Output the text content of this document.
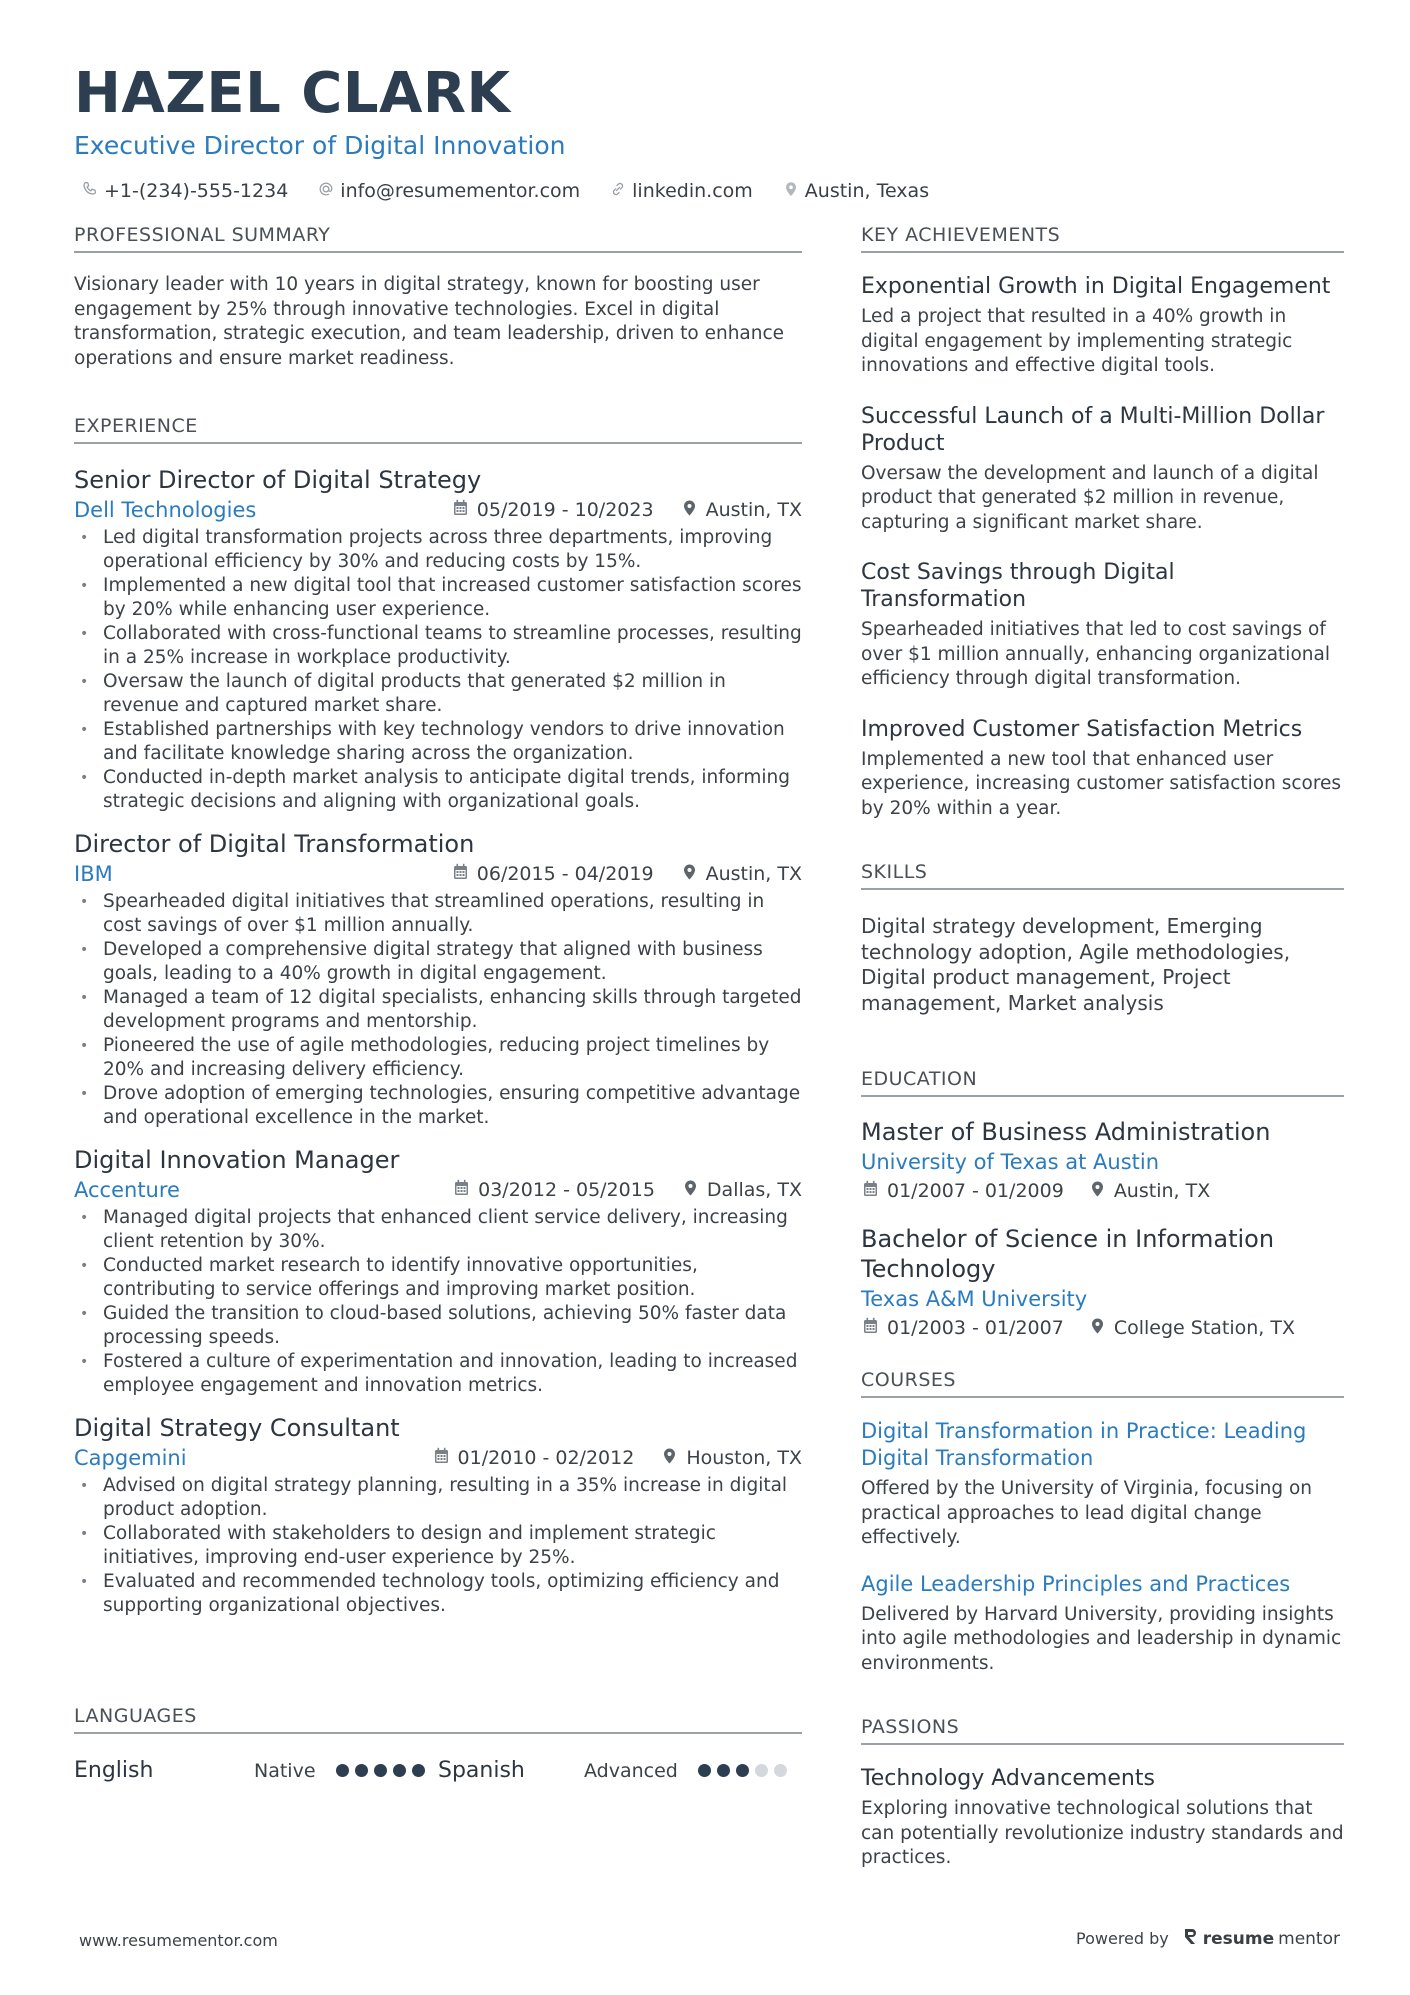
HAZEL CLARK
Executive Director of Digital Innovation
+1-(234)-555-1234	info@resumementor.com	linkedin.com	Austin, Texas
PROFESSIONAL SUMMARY
Visionary leader with 10 years in digital strategy, known for boosting user engagement by 25% through innovative technologies. Excel in digital transformation, strategic execution, and team leadership, driven to enhance operations and ensure market readiness.
EXPERIENCE
Senior Director of Digital Strategy
Dell Technologies	05/2019 - 10/2023	Austin, TX
• Led digital transformation projects across three departments, improving operational efficiency by 30% and reducing costs by 15%.
• Implemented a new digital tool that increased customer satisfaction scores by 20% while enhancing user experience.
• Collaborated with cross-functional teams to streamline processes, resulting in a 25% increase in workplace productivity.
• Oversaw the launch of digital products that generated $2 million in revenue and captured market share.
• Established partnerships with key technology vendors to drive innovation and facilitate knowledge sharing across the organization.
• Conducted in-depth market analysis to anticipate digital trends, informing strategic decisions and aligning with organizational goals.
Director of Digital Transformation
IBM	06/2015 - 04/2019	Austin, TX
• Spearheaded digital initiatives that streamlined operations, resulting in cost savings of over $1 million annually.
• Developed a comprehensive digital strategy that aligned with business goals, leading to a 40% growth in digital engagement.
• Managed a team of 12 digital specialists, enhancing skills through targeted development programs and mentorship.
• Pioneered the use of agile methodologies, reducing project timelines by 20% and increasing delivery efficiency.
• Drove adoption of emerging technologies, ensuring competitive advantage and operational excellence in the market.
Digital Innovation Manager
Accenture	03/2012 - 05/2015	Dallas, TX
• Managed digital projects that enhanced client service delivery, increasing client retention by 30%.
• Conducted market research to identify innovative opportunities, contributing to service offerings and improving market position.
• Guided the transition to cloud-based solutions, achieving 50% faster data processing speeds.
• Fostered a culture of experimentation and innovation, leading to increased employee engagement and innovation metrics.
Digital Strategy Consultant
Capgemini	01/2010 - 02/2012	Houston, TX
• Advised on digital strategy planning, resulting in a 35% increase in digital product adoption.
• Collaborated with stakeholders to design and implement strategic initiatives, improving end-user experience by 25%.
• Evaluated and recommended technology tools, optimizing efficiency and supporting organizational objectives.
LANGUAGES
English	Native	Spanish	Advanced
KEY ACHIEVEMENTS
Exponential Growth in Digital Engagement
Led a project that resulted in a 40% growth in digital engagement by implementing strategic innovations and effective digital tools.
Successful Launch of a Multi-Million Dollar Product
Oversaw the development and launch of a digital product that generated $2 million in revenue, capturing a significant market share.
Cost Savings through Digital Transformation
Spearheaded initiatives that led to cost savings of over $1 million annually, enhancing organizational efficiency through digital transformation.
Improved Customer Satisfaction Metrics
Implemented a new tool that enhanced user experience, increasing customer satisfaction scores by 20% within a year.
SKILLS
Digital strategy development, Emerging technology adoption, Agile methodologies, Digital product management, Project management, Market analysis
EDUCATION
Master of Business Administration
University of Texas at Austin
01/2007 - 01/2009	Austin, TX
Bachelor of Science in Information Technology
Texas A&M University
01/2003 - 01/2007	College Station, TX
COURSES
Digital Transformation in Practice: Leading Digital Transformation
Offered by the University of Virginia, focusing on practical approaches to lead digital change effectively.
Agile Leadership Principles and Practices
Delivered by Harvard University, providing insights into agile methodologies and leadership in dynamic environments.
PASSIONS
Technology Advancements
Exploring innovative technological solutions that can potentially revolutionize industry standards and practices.
www.resumementor.com	Powered by resume mentor
